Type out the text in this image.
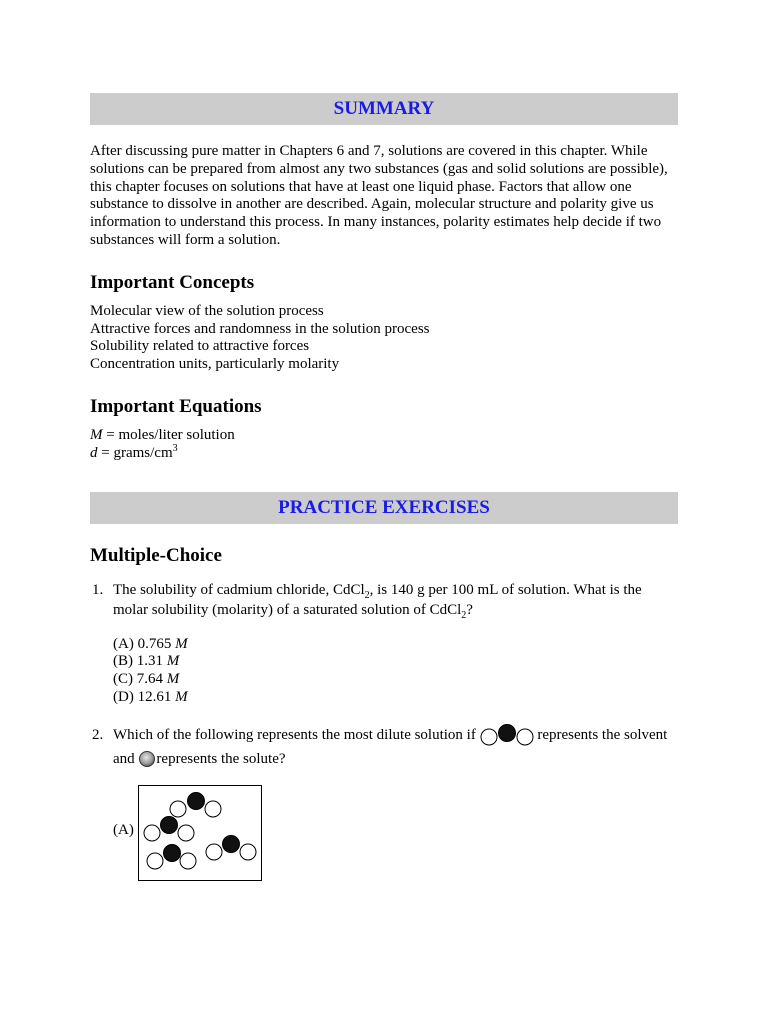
SUMMARY
After discussing pure matter in Chapters 6 and 7, solutions are covered in this chapter. While solutions can be prepared from almost any two substances (gas and solid solutions are possible), this chapter focuses on solutions that have at least one liquid phase. Factors that allow one substance to dissolve in another are described. Again, molecular structure and polarity give us information to understand this process. In many instances, polarity estimates help decide if two substances will form a solution.
Important Concepts
Molecular view of the solution process
Attractive forces and randomness in the solution process
Solubility related to attractive forces
Concentration units, particularly molarity
Important Equations
M = moles/liter solution
d = grams/$cm^3$
PRACTICE EXERCISES
Multiple-Choice
1. The solubility of cadmium chloride, CdCl$_2$, is 140 g per 100 mL of solution. What is the molar solubility (molarity) of a saturated solution of CdCl$_2$?
(A) 0.765 M
(B) 1.31 M
(C) 7.64 M
(D) 12.61 M
2. Which of the following represents the most dilute solution if	represents the solvent and represents the solute?
(A)
